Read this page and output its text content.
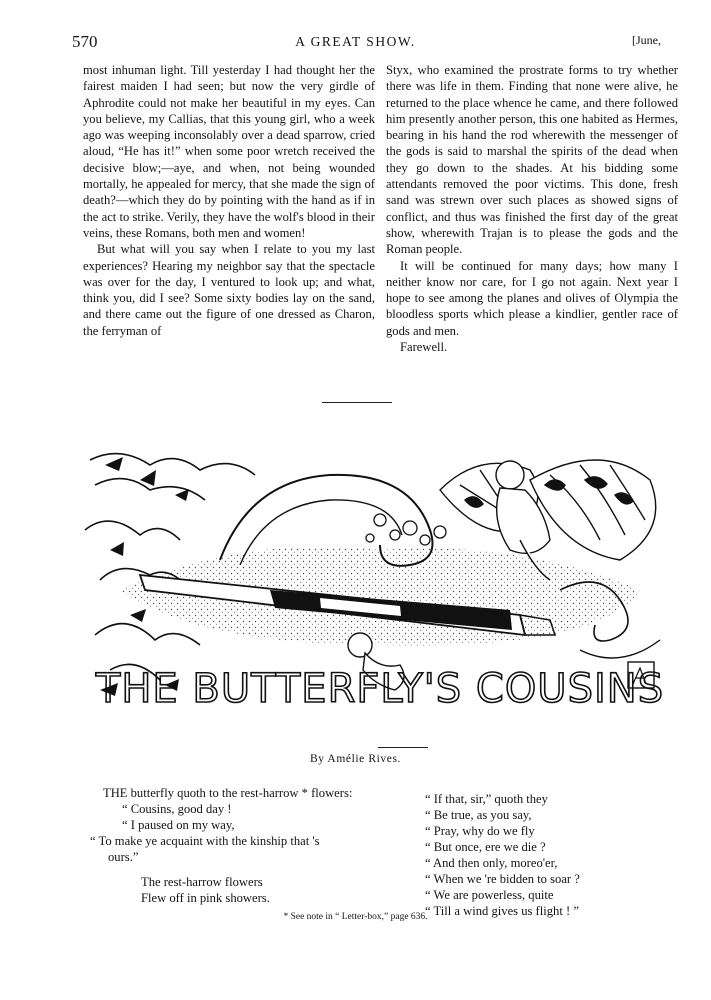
570	A GREAT SHOW.	[June,

most inhuman light. Till yesterday I had thought her the fairest maiden I had seen; but now the very girdle of Aphrodite could not make her beautiful in my eyes. Can you believe, my Callias, that this young girl, who a week ago was weeping inconsolably over a dead sparrow, cried aloud, “He has it!” when some poor wretch received the decisive blow;—aye, and when, not being wounded mortally, he appealed for mercy, that she made the sign of death?—which they do by pointing with the hand as if in the act to strike. Verily, they have the wolf's blood in their veins, these Romans, both men and women!

But what will you say when I relate to you my last experiences? Hearing my neighbor say that the spectacle was over for the day, I ventured to look up; and what, think you, did I see? Some sixty bodies lay on the sand, and there came out the figure of one dressed as Charon, the ferryman of

Styx, who examined the prostrate forms to try whether there was life in them. Finding that none were alive, he returned to the place whence he came, and there followed him presently another person, this one habited as Hermes, bearing in his hand the rod wherewith the messenger of the gods is said to marshal the spirits of the dead when they go down to the shades. At his bidding some attendants removed the poor victims. This done, fresh sand was strewn over such places as showed signs of conflict, and thus was finished the first day of the great show, wherewith Trajan is to please the gods and the Roman people.

It will be continued for many days; how many I neither know nor care, for I go not again. Next year I hope to see among the planes and olives of Olympia the bloodless sports which please a kindlier, gentler race of gods and men.

Farewell.

THE BUTTERFLY'S COUSINS
By Amélie Rives.
THE butterfly quoth to the rest-harrow * flowers:
“ Cousins, good day !
“ I paused on my way,
“ To make ye acquaint with the kinship that 's
ours.”
The rest-harrow flowers
Flew off in pink showers.
“ If that, sir,” quoth they
“ Be true, as you say,
“ Pray, why do we fly
“ But once, ere we die ?
“ And then only, moreo'er,
“ When we 're bidden to soar ?
“ We are powerless, quite
“ Till a wind gives us flight ! ”
* See note in “ Letter-box,” page 636.
